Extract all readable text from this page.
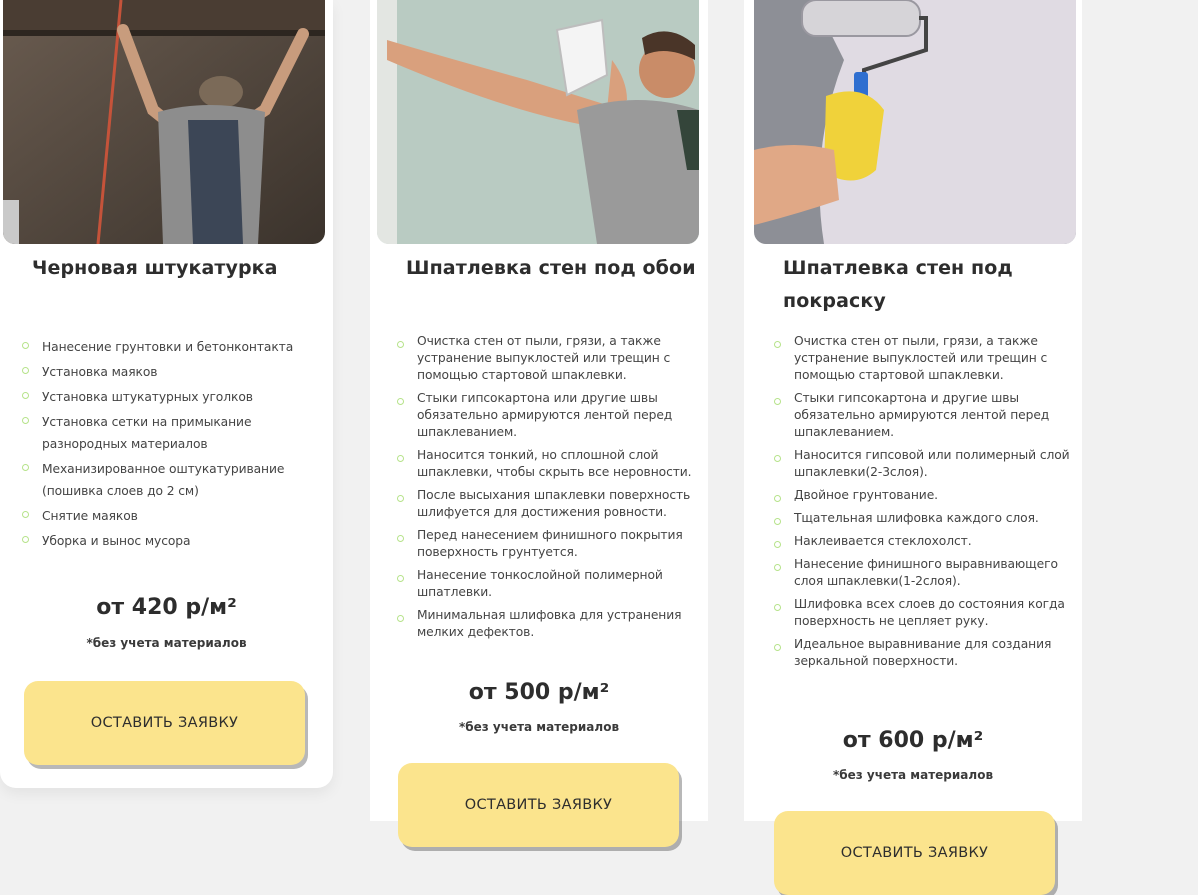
Черновая штукатурка
Нанесение грунтовки и бетонконтакта
Установка маяков
Установка штукатурных уголков
Установка сетки на примыкание разнородных материалов
Механизированное оштукатуривание (пошивка слоев до 2 см)
Снятие маяков
Уборка и вынос мусора

от 420 р/м²

*без учета материалов

ОСТАВИТЬ ЗАЯВКУ
Шпатлевка стен под обои
Очистка стен от пыли, грязи, а также устранение выпуклостей или трещин с помощью стартовой шпаклевки.
Стыки гипсокартона или другие швы обязательно армируются лентой перед шпаклеванием.
Наносится тонкий, но сплошной слой шпаклевки, чтобы скрыть все неровности.
После высыхания шпаклевки поверхность шлифуется для достижения ровности.
Перед нанесением финишного покрытия поверхность грунтуется.
Нанесение тонкослойной полимерной шпатлевки.
Минимальная шлифовка для устранения мелких дефектов.

от 500 р/м²

*без учета материалов

ОСТАВИТЬ ЗАЯВКУ
Шпатлевка стен под покраску
Очистка стен от пыли, грязи, а также устранение выпуклостей или трещин с помощью стартовой шпаклевки.
Стыки гипсокартона и другие швы обязательно армируются лентой перед шпаклеванием.
Наносится гипсовой или полимерный слой шпаклевки(2-3слоя).
Двойное грунтование.
Тщательная шлифовка каждого слоя.
Наклеивается стеклохолст.
Нанесение финишного выравнивающего слоя шпаклевки(1-2слоя).
Шлифовка всех слоев до состояния когда поверхность не цепляет руку.
Идеальное выравнивание для создания зеркальной поверхности.

от 600 р/м²

*без учета материалов

ОСТАВИТЬ ЗАЯВКУ
